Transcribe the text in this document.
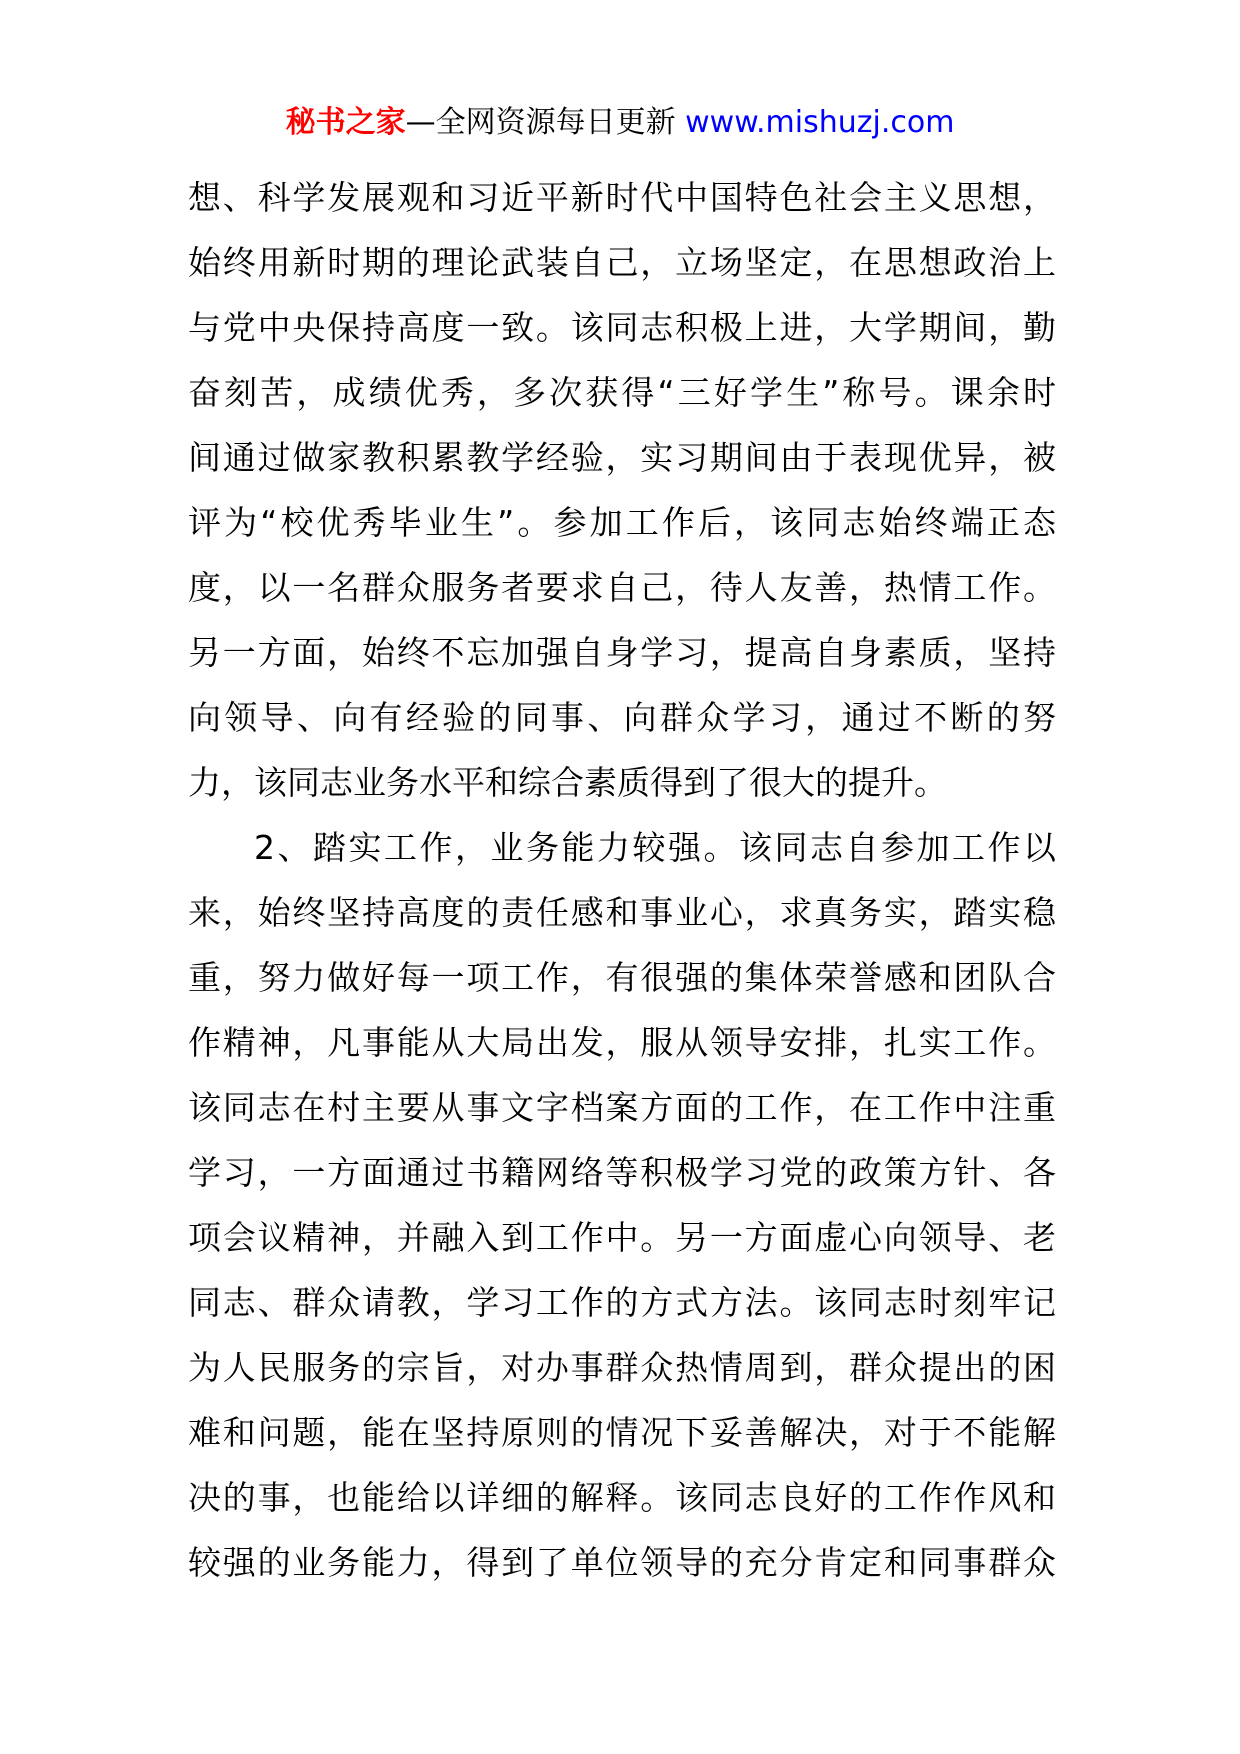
秘书之家—全网资源每日更新 www.mishuzj.com
想、科学发展观和习近平新时代中国特色社会主义思想，
始终用新时期的理论武装自己，立场坚定，在思想政治上
与党中央保持高度一致。该同志积极上进，大学期间，勤
奋刻苦，成绩优秀，多次获得“三好学生”称号。课余时
间通过做家教积累教学经验，实习期间由于表现优异，被
评为“校优秀毕业生”。参加工作后，该同志始终端正态
度，以一名群众服务者要求自己，待人友善，热情工作。
另一方面，始终不忘加强自身学习，提高自身素质，坚持
向领导、向有经验的同事、向群众学习，通过不断的努
力，该同志业务水平和综合素质得到了很大的提升。
2、踏实工作，业务能力较强。该同志自参加工作以
来，始终坚持高度的责任感和事业心，求真务实，踏实稳
重，努力做好每一项工作，有很强的集体荣誉感和团队合
作精神，凡事能从大局出发，服从领导安排，扎实工作。
该同志在村主要从事文字档案方面的工作，在工作中注重
学习，一方面通过书籍网络等积极学习党的政策方针、各
项会议精神，并融入到工作中。另一方面虚心向领导、老
同志、群众请教，学习工作的方式方法。该同志时刻牢记
为人民服务的宗旨，对办事群众热情周到，群众提出的困
难和问题，能在坚持原则的情况下妥善解决，对于不能解
决的事，也能给以详细的解释。该同志良好的工作作风和
较强的业务能力，得到了单位领导的充分肯定和同事群众
